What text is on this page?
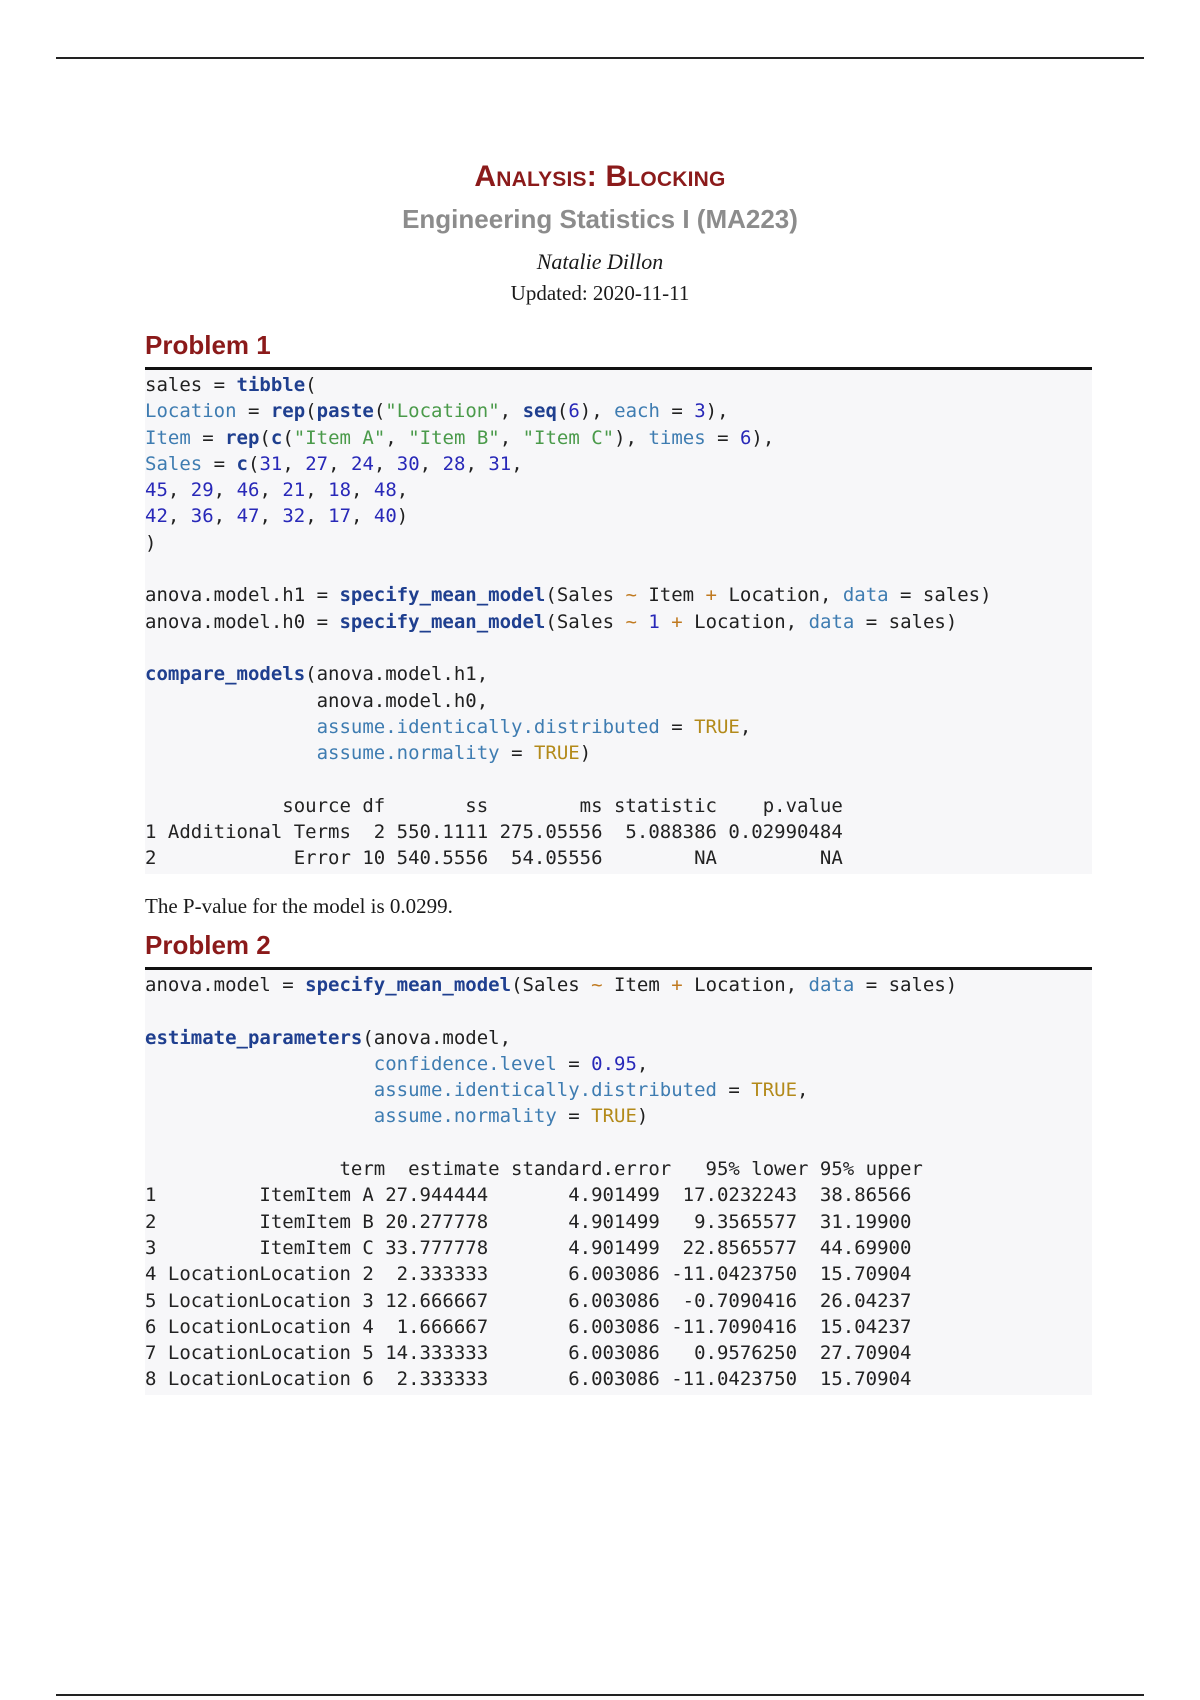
Analysis: Blocking
Engineering Statistics I (MA223)
Natalie Dillon
Updated: 2020-11-11
Problem 1
sales = tibble(
Location = rep(paste("Location", seq(6), each = 3),
Item = rep(c("Item A", "Item B", "Item C"), times = 6),
Sales = c(31, 27, 24, 30, 28, 31,
45, 29, 46, 21, 18, 48,
42, 36, 47, 32, 17, 40)
)

anova.model.h1 = specify_mean_model(Sales ~ Item + Location, data = sales)
anova.model.h0 = specify_mean_model(Sales ~ 1 + Location, data = sales)

compare_models(anova.model.h1,
anova.model.h0,
assume.identically.distributed = TRUE,
assume.normality = TRUE)

source df       ss        ms statistic    p.value
1 Additional Terms  2 550.1111 275.05556  5.088386 0.02990484
2            Error 10 540.5556  54.05556        NA         NA

The P-value for the model is 0.0299.

Problem 2
anova.model = specify_mean_model(Sales ~ Item + Location, data = sales)

estimate_parameters(anova.model,
confidence.level = 0.95,
assume.identically.distributed = TRUE,
assume.normality = TRUE)

term  estimate standard.error   95% lower 95% upper
1         ItemItem A 27.944444       4.901499  17.0232243  38.86566
2         ItemItem B 20.277778       4.901499   9.3565577  31.19900
3         ItemItem C 33.777778       4.901499  22.8565577  44.69900
4 LocationLocation 2  2.333333       6.003086 -11.0423750  15.70904
5 LocationLocation 3 12.666667       6.003086  -0.7090416  26.04237
6 LocationLocation 4  1.666667       6.003086 -11.7090416  15.04237
7 LocationLocation 5 14.333333       6.003086   0.9576250  27.70904
8 LocationLocation 6  2.333333       6.003086 -11.0423750  15.70904
